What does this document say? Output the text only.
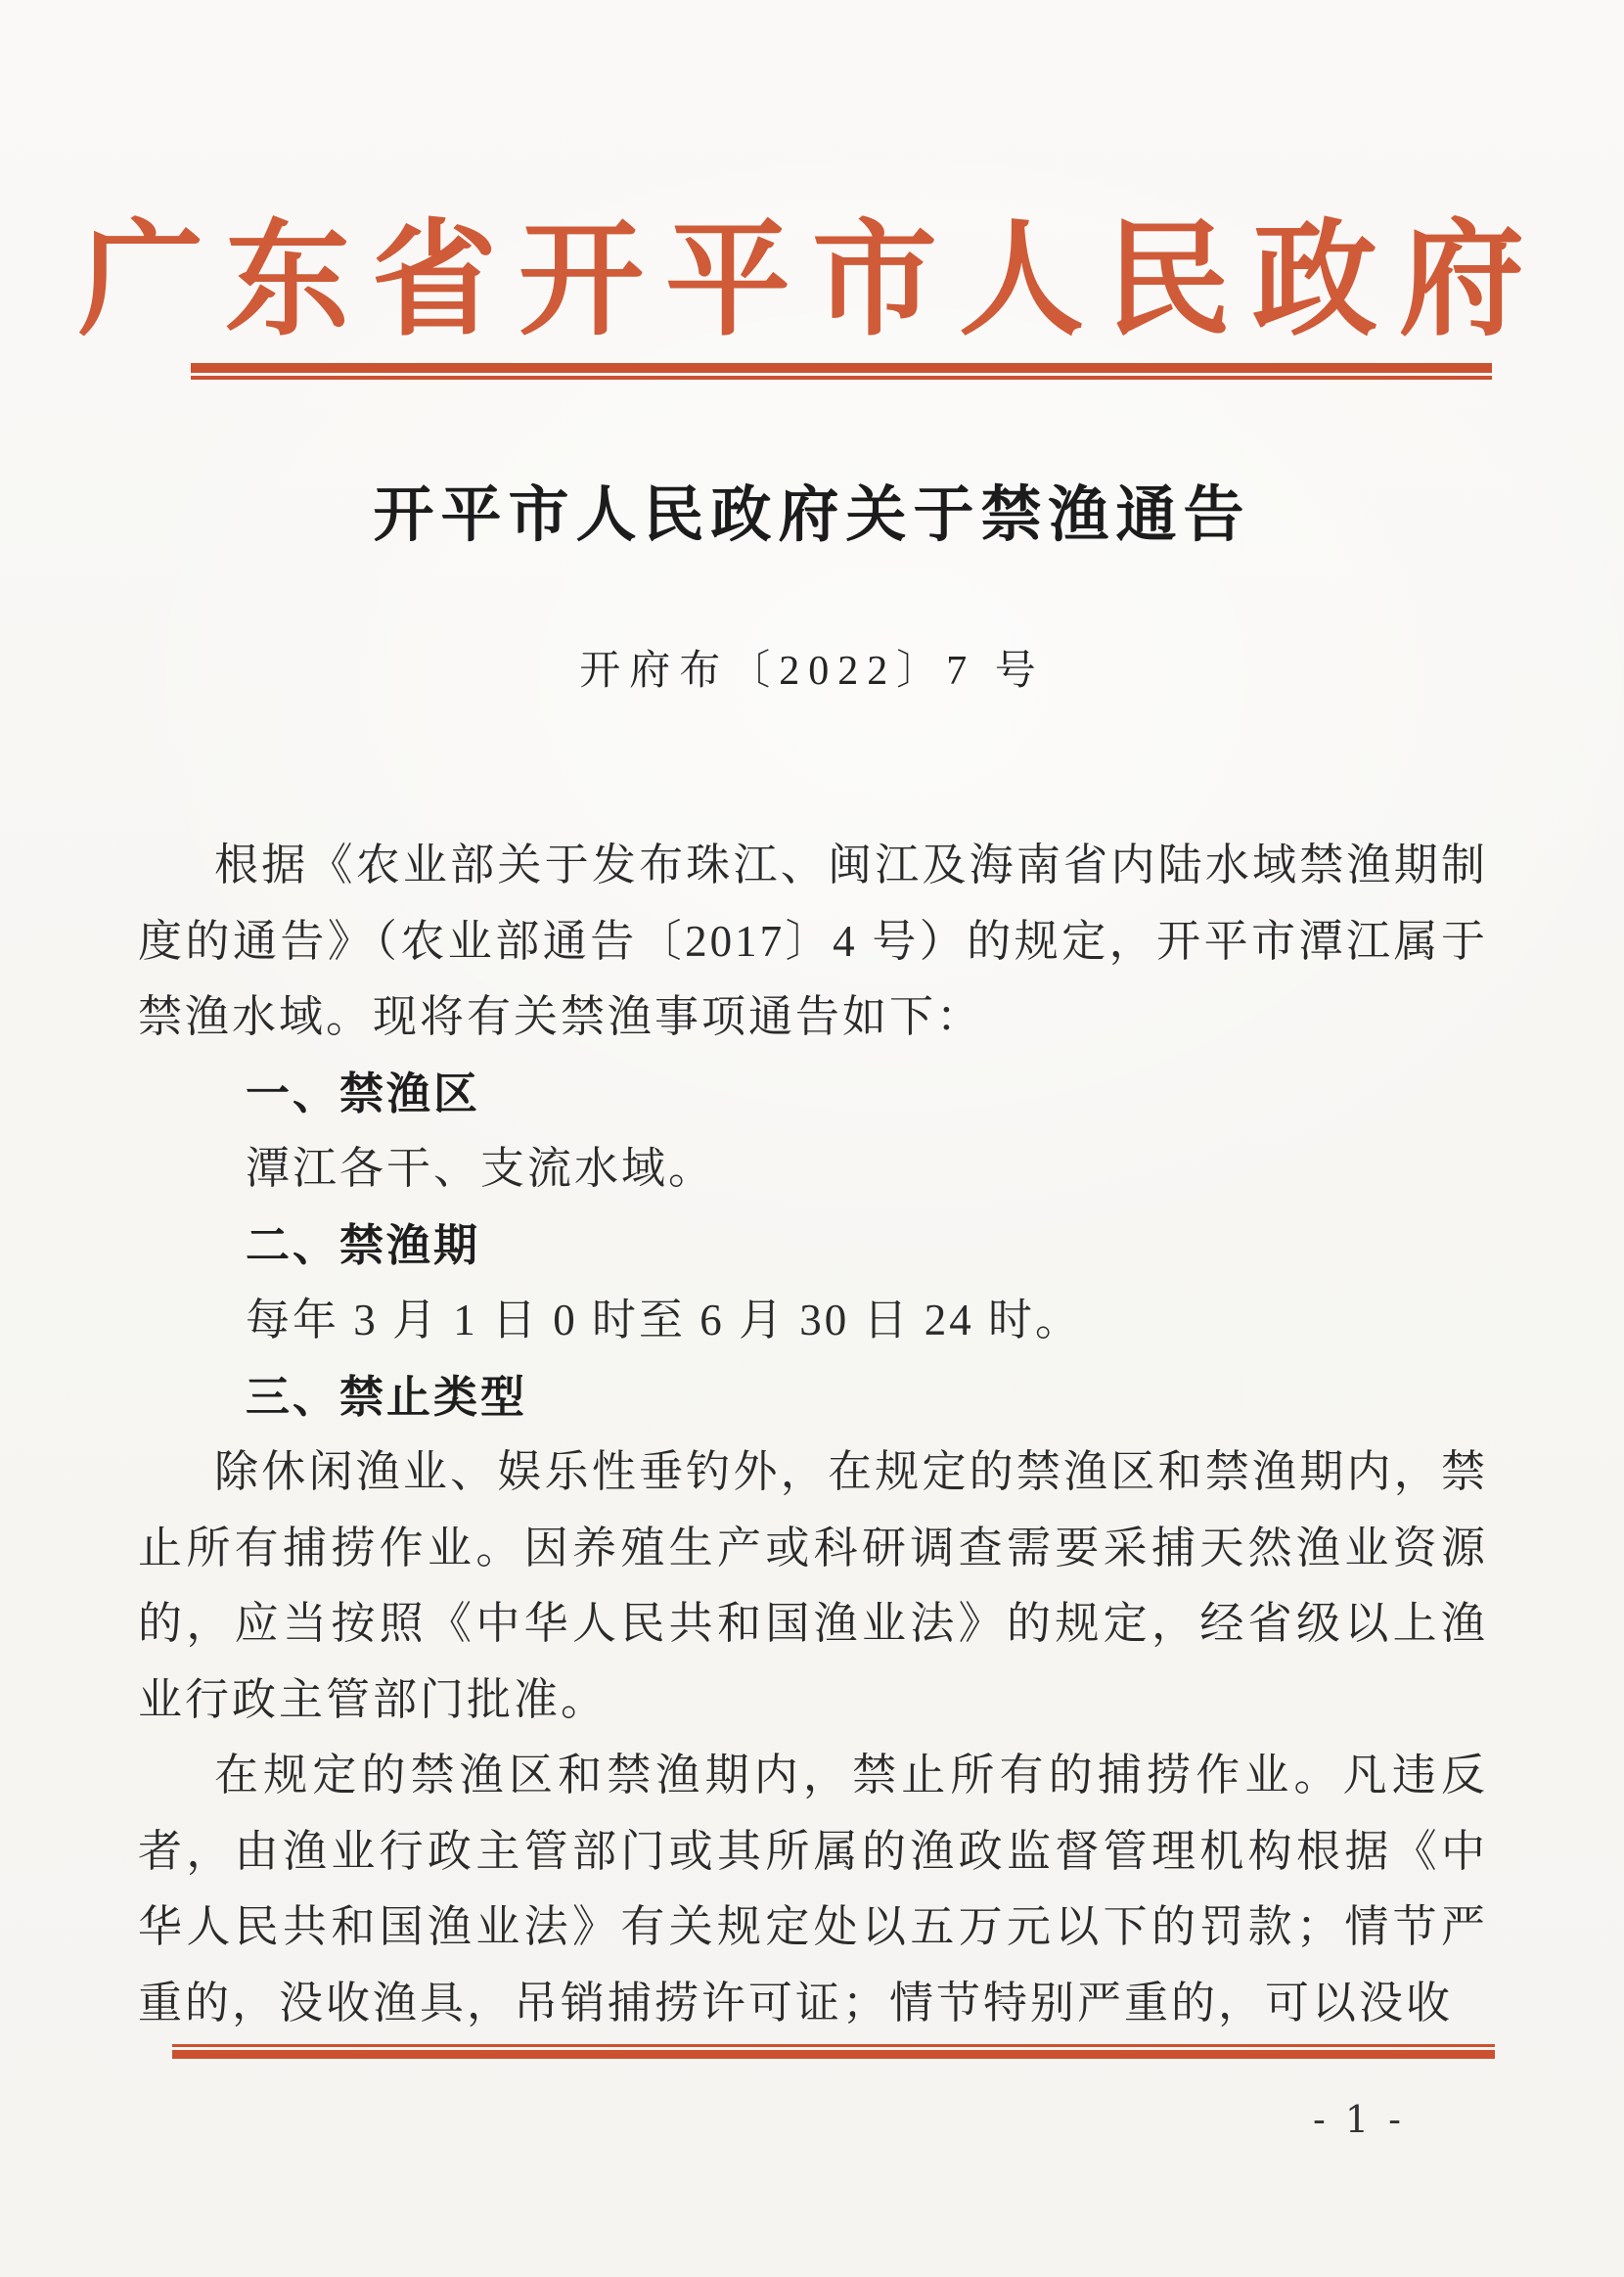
广东省开平市人民政府
开平市人民政府关于禁渔通告
开府布〔2022〕7 号

根据《农业部关于发布珠江、闽江及海南省内陆水域禁渔期制度的通告》（农业部通告〔2017〕4 号）的规定，开平市潭江属于禁渔水域。现将有关禁渔事项通告如下：

一、禁渔区

潭江各干、支流水域。

二、禁渔期

每年 3 月 1 日 0 时至 6 月 30 日 24 时。

三、禁止类型

除休闲渔业、娱乐性垂钓外，在规定的禁渔区和禁渔期内，禁止所有捕捞作业。因养殖生产或科研调查需要采捕天然渔业资源的，应当按照《中华人民共和国渔业法》的规定，经省级以上渔业行政主管部门批准。

在规定的禁渔区和禁渔期内，禁止所有的捕捞作业。凡违反者，由渔业行政主管部门或其所属的渔政监督管理机构根据《中华人民共和国渔业法》有关规定处以五万元以下的罚款；情节严重的，没收渔具，吊销捕捞许可证；情节特别严重的，可以没收

- 1 -
